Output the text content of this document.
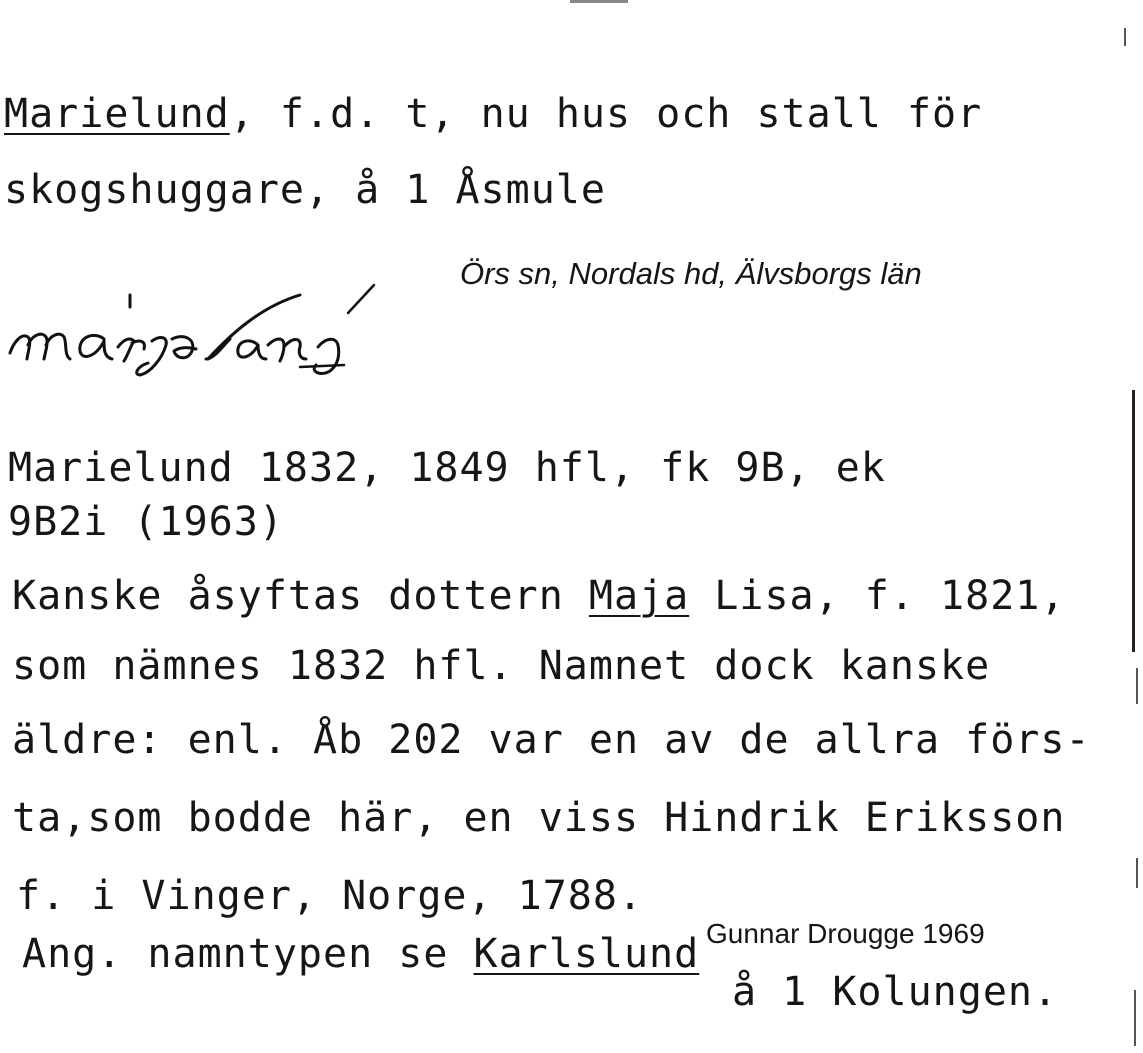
Marielund, f.d. t, nu hus och stall för
skogshuggare, å 1 Åsmule
Örs sn, Nordals hd, Älvsborgs län
Marielund 1832, 1849 hfl, fk 9B, ek
9B2i (1963)
Kanske åsyftas dottern Maja Lisa, f. 1821,
som nämnes 1832 hfl. Namnet dock kanske
äldre: enl. Åb 202 var en av de allra förs-
ta,som bodde här, en viss Hindrik Eriksson
f. i Vinger, Norge, 1788.
Ang. namntypen se Karlslund
å 1 Kolungen.
Gunnar Drougge 1969
